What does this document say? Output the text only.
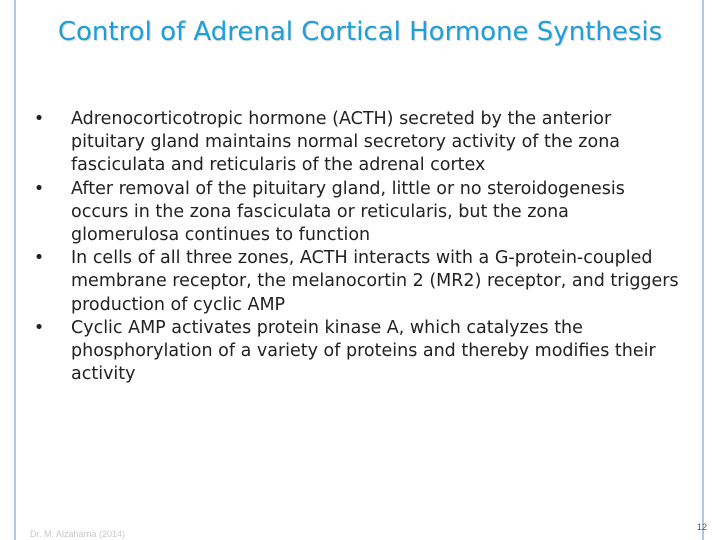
Control of Adrenal Cortical Hormone Synthesis
• Adrenocorticotropic hormone (ACTH) secreted by the anterior pituitary gland maintains normal secretory activity of the zona fasciculata and reticularis of the adrenal cortex
• After removal of the pituitary gland, little or no steroidogenesis occurs in the zona fasciculata or reticularis, but the zona glomerulosa continues to function
• In cells of all three zones, ACTH interacts with a G-protein-coupled membrane receptor, the melanocortin 2 (MR2) receptor, and triggers production of cyclic AMP
• Cyclic AMP activates protein kinase A, which catalyzes the phosphorylation of a variety of proteins and thereby modifies their activity
Dr. M. Alzaharna (2014)
12
